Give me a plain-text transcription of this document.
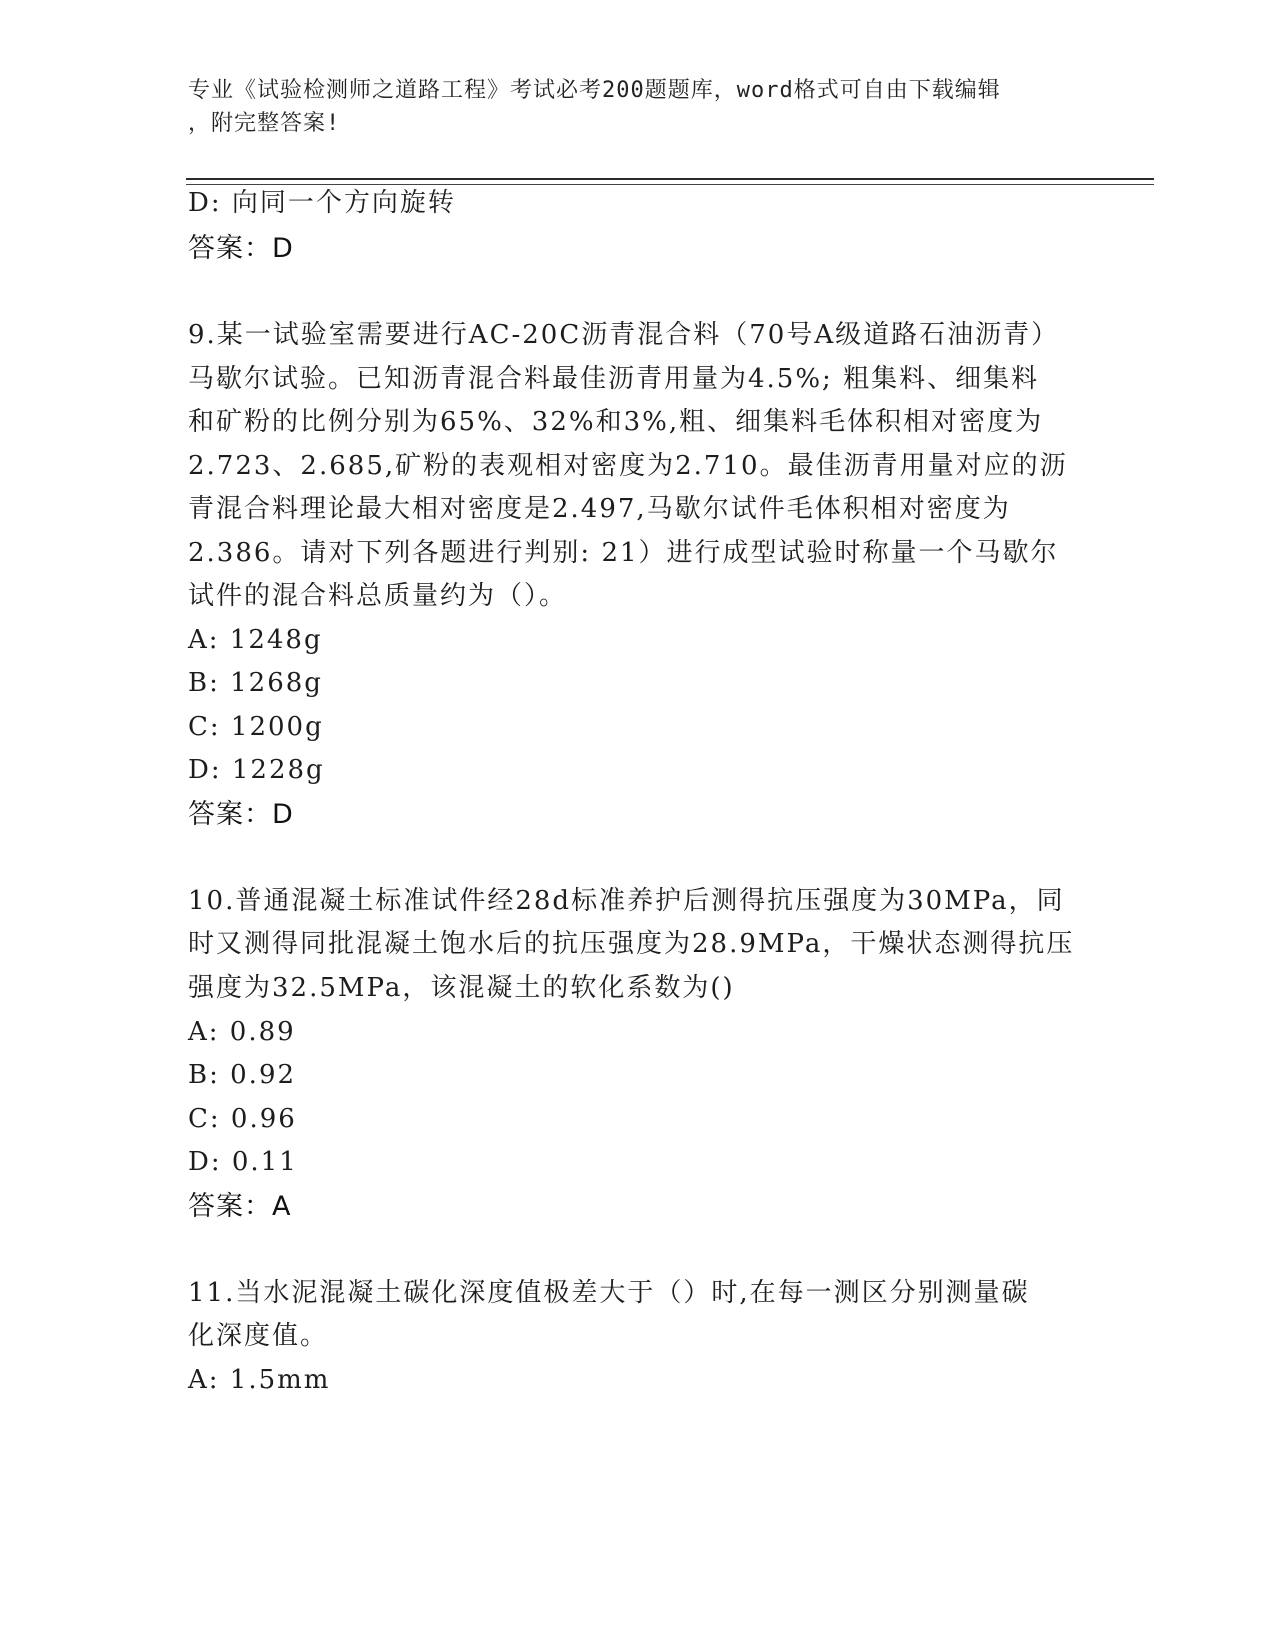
专业《试验检测师之道路工程》考试必考200题题库，word格式可自由下载编辑
，附完整答案!
D: 向同一个方向旋转
答案：D
9.某一试验室需要进行AC-20C沥青混合料（70号A级道路石油沥青）
马歇尔试验。已知沥青混合料最佳沥青用量为4.5%; 粗集料、细集料
和矿粉的比例分别为65%、32%和3%,粗、细集料毛体积相对密度为
2.723、2.685,矿粉的表观相对密度为2.710。最佳沥青用量对应的沥
青混合料理论最大相对密度是2.497,马歇尔试件毛体积相对密度为
2.386。请对下列各题进行判别: 21）进行成型试验时称量一个马歇尔
试件的混合料总质量约为（）。
A: 1248g
B: 1268g
C: 1200g
D: 1228g
答案：D
10.普通混凝土标准试件经28d标准养护后测得抗压强度为30MPa，同
时又测得同批混凝土饱水后的抗压强度为28.9MPa，干燥状态测得抗压
强度为32.5MPa，该混凝土的软化系数为()
A: 0.89
B: 0.92
C: 0.96
D: 0.11
答案：A
11.当水泥混凝土碳化深度值极差大于（）时,在每一测区分别测量碳
化深度值。
A: 1.5mm
